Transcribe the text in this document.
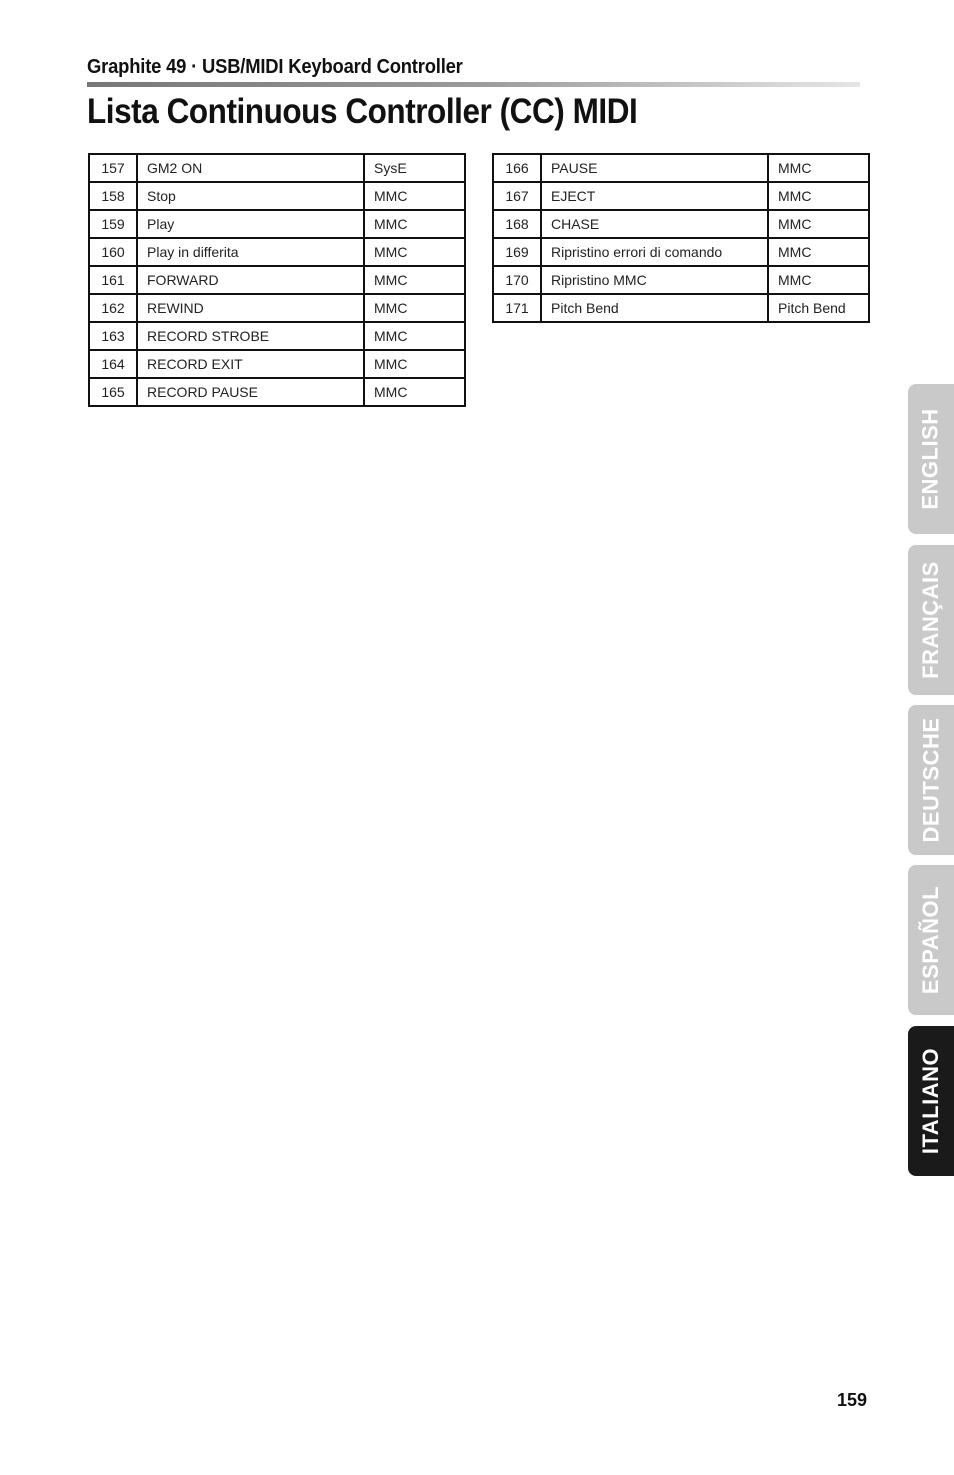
Graphite 49 · USB/MIDI Keyboard Controller
Lista Continuous Controller (CC) MIDI
157	GM2 ON	SysE
158	Stop	MMC
159	Play	MMC
160	Play in differita	MMC
161	FORWARD	MMC
162	REWIND	MMC
163	RECORD STROBE	MMC
164	RECORD EXIT	MMC
165	RECORD PAUSE	MMC
166	PAUSE	MMC
167	EJECT	MMC
168	CHASE	MMC
169	Ripristino errori di comando	MMC
170	Ripristino MMC	MMC
171	Pitch Bend	Pitch Bend
ENGLISH
FRANÇAIS
DEUTSCHE
ESPAÑOL
ITALIANO
159
